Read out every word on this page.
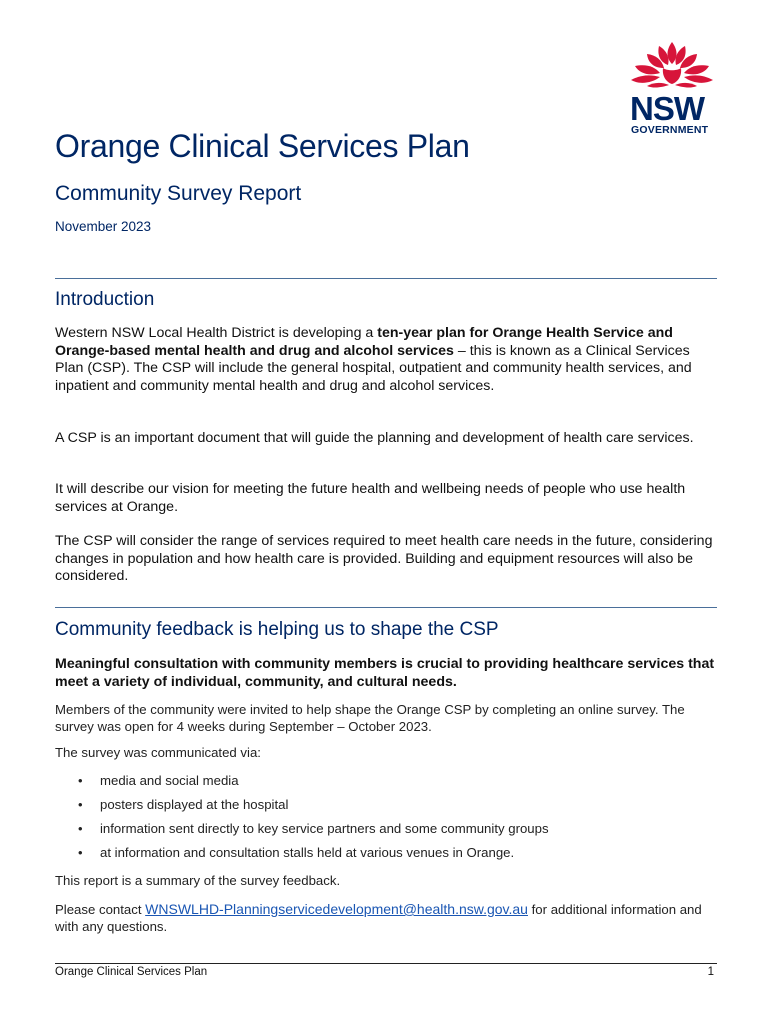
NSW
GOVERNMENT
Orange Clinical Services Plan
Community Survey Report
November 2023
Introduction
Western NSW Local Health District is developing a ten-year plan for Orange Health Service and Orange-based mental health and drug and alcohol services – this is known as a Clinical Services Plan (CSP). The CSP will include the general hospital, outpatient and community health services, and inpatient and community mental health and drug and alcohol services.
A CSP is an important document that will guide the planning and development of health care services.
It will describe our vision for meeting the future health and wellbeing needs of people who use health services at Orange.
The CSP will consider the range of services required to meet health care needs in the future, considering changes in population and how health care is provided. Building and equipment resources will also be considered.
Community feedback is helping us to shape the CSP
Meaningful consultation with community members is crucial to providing healthcare services that meet a variety of individual, community, and cultural needs.
Members of the community were invited to help shape the Orange CSP by completing an online survey. The survey was open for 4 weeks during September – October 2023.
The survey was communicated via:
• media and social media
• posters displayed at the hospital
• information sent directly to key service partners and some community groups
• at information and consultation stalls held at various venues in Orange.
This report is a summary of the survey feedback.
Please contact WNSWLHD-Planningservicedevelopment@health.nsw.gov.au for additional information and with any questions.
Orange Clinical Services Plan	1
